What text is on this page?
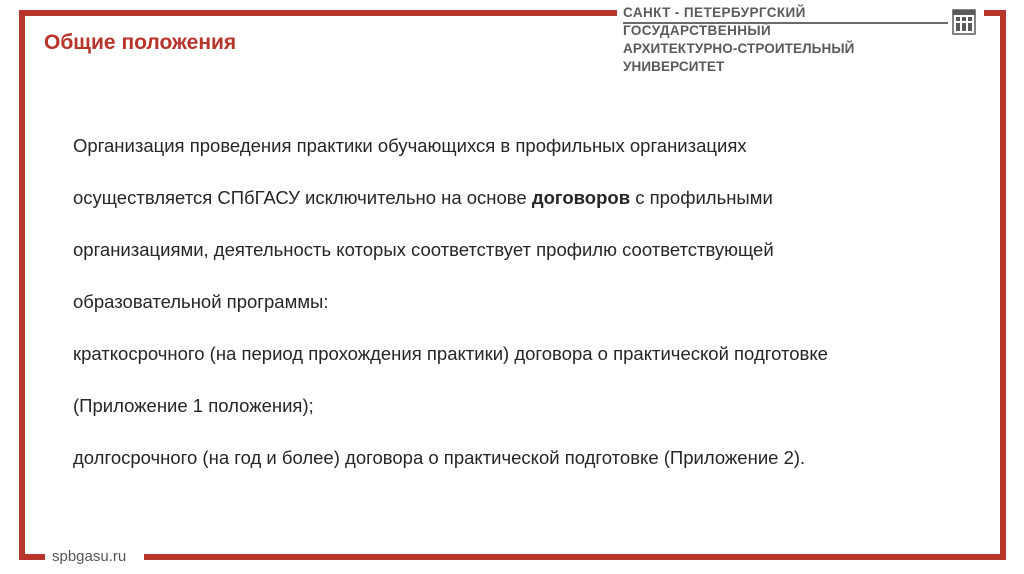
САНКТ - ПЕТЕРБУРГСКИЙ ГОСУДАРСТВЕННЫЙ
АРХИТЕКТУРНО-СТРОИТЕЛЬНЫЙ УНИВЕРСИТЕТ
Общие положения

Организация проведения практики обучающихся в профильных организациях

осуществляется СПбГАСУ исключительно на основе договоров с профильными

организациями, деятельность которых соответствует профилю соответствующей

образовательной программы:

краткосрочного (на период прохождения практики) договора о практической подготовке

(Приложение 1 положения);

долгосрочного (на год и более) договора о практической подготовке (Приложение 2).

spbgasu.ru
